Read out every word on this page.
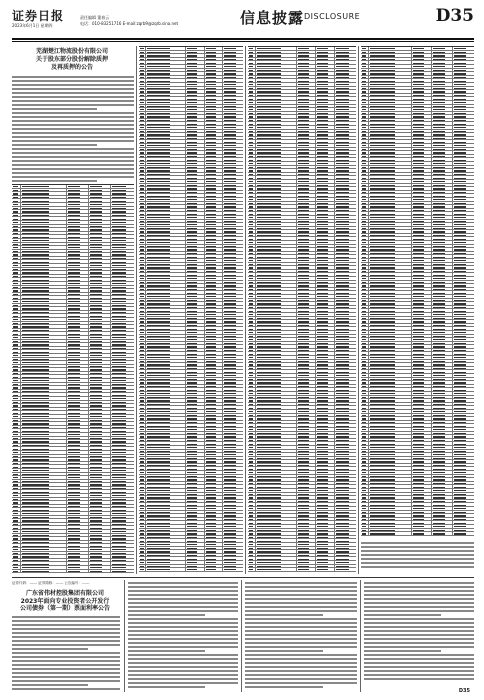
证券日报
2023年6月1日 星期四
责任编辑 董春云
电话：010-83251716 E-mail:zqrb9@zqrb.sina.net	信息披露 DISCLOSURE	D35
芜湖楚江物流股份有限公司
关于股东部分股份解除质押
及再质押的公告
证券代码：------ 证券简称：------ 公告编号：------
广东省伟材控股集团有限公司
2023年面向专业投资者公开发行
公司债券（第一期）票面利率公告
D35
